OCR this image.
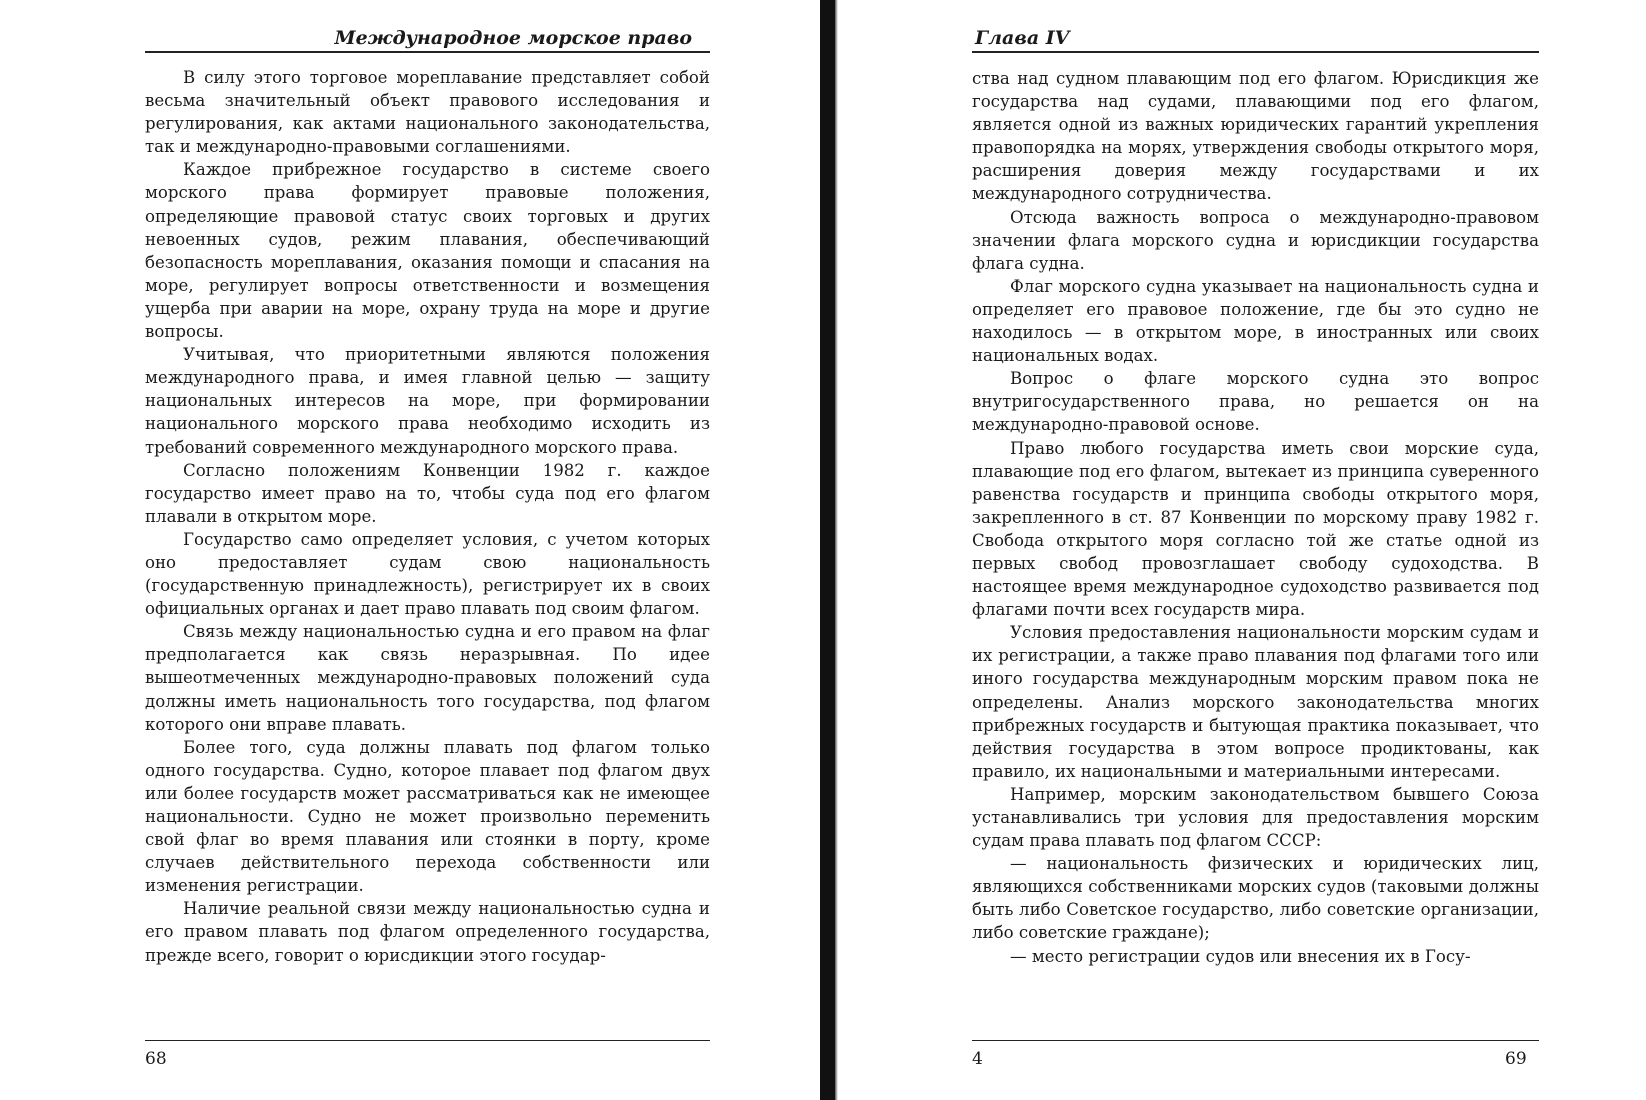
Международное морское право

В силу этого торговое мореплавание представляет собой весьма значительный объект правового исследования и регулирования, как актами национального законодательства, так и международно-правовыми соглашениями.

Каждое прибрежное государство в системе своего морского права формирует правовые положения, определяющие правовой статус своих торговых и других невоенных судов, режим плавания, обеспечивающий безопасность мореплавания, оказания помощи и спасания на море, регулирует вопросы ответственности и возмещения ущерба при аварии на море, охрану труда на море и другие вопросы.

Учитывая, что приоритетными являются положения международного права, и имея главной целью — защиту национальных интересов на море, при формировании национального морского права необходимо исходить из требований современного международного морского права.

Согласно положениям Конвенции 1982 г. каждое государство имеет право на то, чтобы суда под его флагом плавали в открытом море.

Государство само определяет условия, с учетом которых оно предоставляет судам свою национальность (государственную принадлежность), регистрирует их в своих официальных органах и дает право плавать под своим флагом.

Связь между национальностью судна и его правом на флаг предполагается как связь неразрывная. По идее вышеотмеченных международно-правовых положений суда должны иметь национальность того государства, под флагом которого они вправе плавать.

Более того, суда должны плавать под флагом только одного государства. Судно, которое плавает под флагом двух или более государств может рассматриваться как не имеющее национальности. Судно не может произвольно переменить свой флаг во время плавания или стоянки в порту, кроме случаев действительного перехода собственности или изменения регистрации.

Наличие реальной связи между национальностью судна и его правом плавать под флагом определенного государства, прежде всего, говорит о юрисдикции этого государ-

68
Глава IV

ства над судном плавающим под его флагом. Юрисдикция же государства над судами, плавающими под его флагом, является одной из важных юридических гарантий укрепления правопорядка на морях, утверждения свободы открытого моря, расширения доверия между государствами и их международного сотрудничества.

Отсюда важность вопроса о международно-правовом значении флага морского судна и юрисдикции государства флага судна.

Флаг морского судна указывает на национальность судна и определяет его правовое положение, где бы это судно не находилось — в открытом море, в иностранных или своих национальных водах.

Вопрос о флаге морского судна это вопрос внутригосударственного права, но решается он на международно-правовой основе.

Право любого государства иметь свои морские суда, плавающие под его флагом, вытекает из принципа суверенного равенства государств и принципа свободы открытого моря, закрепленного в ст. 87 Конвенции по морскому праву 1982 г. Свобода открытого моря согласно той же статье одной из первых свобод провозглашает свободу судоходства. В настоящее время международное судоходство развивается под флагами почти всех государств мира.

Условия предоставления национальности морским судам и их регистрации, а также право плавания под флагами того или иного государства международным морским правом пока не определены. Анализ морского законодательства многих прибрежных государств и бытующая практика показывает, что действия государства в этом вопросе продиктованы, как правило, их национальными и материальными интересами.

Например, морским законодательством бывшего Союза устанавливались три условия для предоставления морским судам права плавать под флагом СССР:

— национальность физических и юридических лиц, являющихся собственниками морских судов (таковыми должны быть либо Советское государство, либо советские организации, либо советские граждане);

— место регистрации судов или внесения их в Госу-

4	69
